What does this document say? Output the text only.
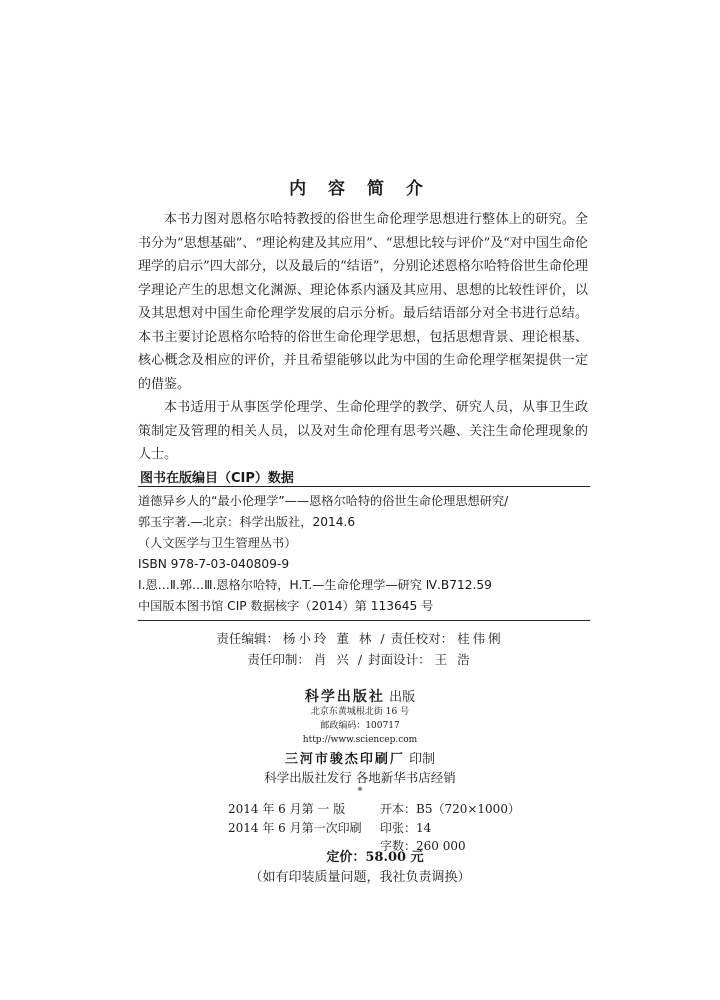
内 容 简 介

本书力图对恩格尔哈特教授的俗世生命伦理学思想进行整体上的研究。全书分为“思想基础”、“理论构建及其应用”、“思想比较与评价”及“对中国生命伦理学的启示”四大部分，以及最后的“结语”，分别论述恩格尔哈特俗世生命伦理学理论产生的思想文化渊源、理论体系内涵及其应用、思想的比较性评价，以及其思想对中国生命伦理学发展的启示分析。最后结语部分对全书进行总结。本书主要讨论恩格尔哈特的俗世生命伦理学思想，包括思想背景、理论根基、核心概念及相应的评价，并且希望能够以此为中国的生命伦理学框架提供一定的借鉴。

本书适用于从事医学伦理学、生命伦理学的教学、研究人员，从事卫生政策制定及管理的相关人员，以及对生命伦理有思考兴趣、关注生命伦理现象的人士。

图书在版编目（CIP）数据
道德异乡人的“最小伦理学”——恩格尔哈特的俗世生命伦理思想研究/
郭玉宇著.—北京：科学出版社，2014.6
（人文医学与卫生管理丛书）
ISBN 978-7-03-040809-9
Ⅰ.恩…Ⅱ.郭…Ⅲ.恩格尔哈特，H.T.—生命伦理学—研究 Ⅳ.B712.59
中国版本图书馆 CIP 数据核字（2014）第 113645 号
责任编辑： 杨小玲 董 林 / 责任校对： 桂伟俐
责任印制： 肖 兴 / 封面设计： 王 浩
科学出版社 出版
北京东黄城根北街 16 号
邮政编码：100717
http://www.sciencep.com
三河市骏杰印刷厂 印制
科学出版社发行 各地新华书店经销
*
2014 年 6 月第 一 版	开本：B5（720×1000）
2014 年 6 月第一次印刷	印张：14
字数：260 000
定价：58.00 元
（如有印装质量问题，我社负责调换）
